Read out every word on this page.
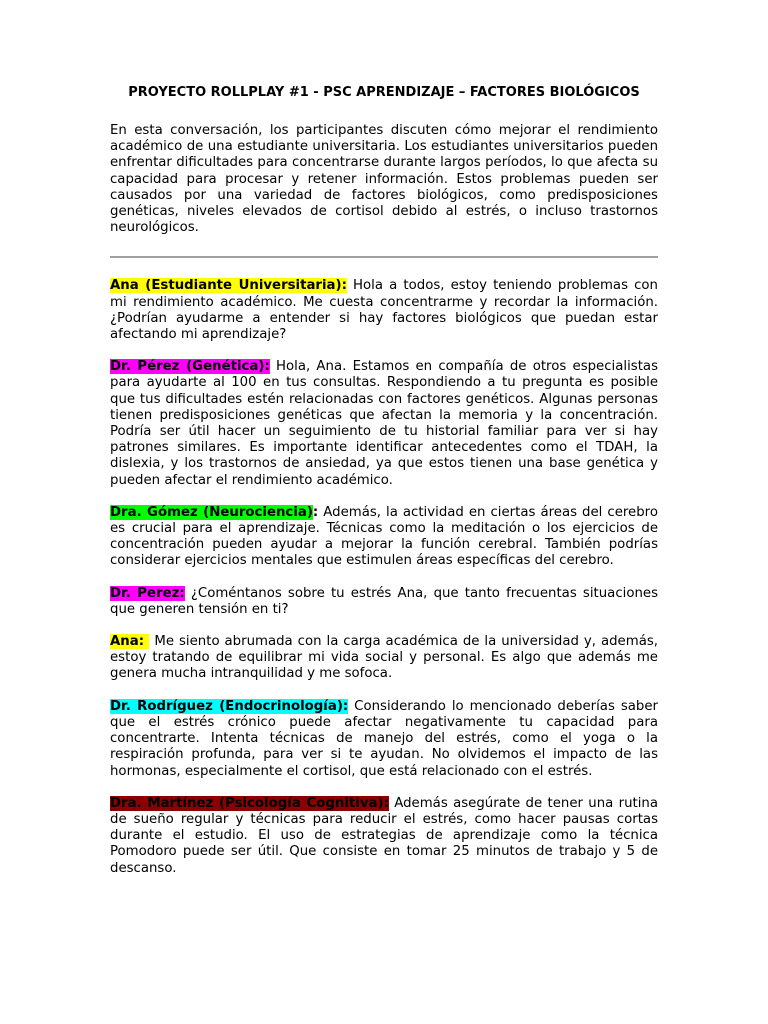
PROYECTO ROLLPLAY #1 - PSC APRENDIZAJE – FACTORES BIOLÓGICOS

En esta conversación, los participantes discuten cómo mejorar el rendimiento académico de una estudiante universitaria. Los estudiantes universitarios pueden enfrentar dificultades para concentrarse durante largos períodos, lo que afecta su capacidad para procesar y retener información. Estos problemas pueden ser causados por una variedad de factores biológicos, como predisposiciones genéticas, niveles elevados de cortisol debido al estrés, o incluso trastornos neurológicos.

Ana (Estudiante Universitaria): Hola a todos, estoy teniendo problemas con mi rendimiento académico. Me cuesta concentrarme y recordar la información. ¿Podrían ayudarme a entender si hay factores biológicos que puedan estar afectando mi aprendizaje?

Dr. Pérez (Genética): Hola, Ana. Estamos en compañía de otros especialistas para ayudarte al 100 en tus consultas. Respondiendo a tu pregunta es posible que tus dificultades estén relacionadas con factores genéticos. Algunas personas tienen predisposiciones genéticas que afectan la memoria y la concentración. Podría ser útil hacer un seguimiento de tu historial familiar para ver si hay patrones similares. Es importante identificar antecedentes como el TDAH, la dislexia, y los trastornos de ansiedad, ya que estos tienen una base genética y pueden afectar el rendimiento académico.

Dra. Gómez (Neurociencia): Además, la actividad en ciertas áreas del cerebro es crucial para el aprendizaje. Técnicas como la meditación o los ejercicios de concentración pueden ayudar a mejorar la función cerebral. También podrías considerar ejercicios mentales que estimulen áreas específicas del cerebro.

Dr. Perez: ¿Coméntanos sobre tu estrés Ana, que tanto frecuentas situaciones que generen tensión en ti?

Ana:  Me siento abrumada con la carga académica de la universidad y, además, estoy tratando de equilibrar mi vida social y personal. Es algo que además me genera mucha intranquilidad y me sofoca.

Dr. Rodríguez (Endocrinología): Considerando lo mencionado deberías saber que el estrés crónico puede afectar negativamente tu capacidad para concentrarte. Intenta técnicas de manejo del estrés, como el yoga o la respiración profunda, para ver si te ayudan. No olvidemos el impacto de las hormonas, especialmente el cortisol, que está relacionado con el estrés.

Dra. Martínez (Psicología Cognitiva): Además asegúrate de tener una rutina de sueño regular y técnicas para reducir el estrés, como hacer pausas cortas durante el estudio. El uso de estrategias de aprendizaje como la técnica Pomodoro puede ser útil. Que consiste en tomar 25 minutos de trabajo y 5 de descanso.
